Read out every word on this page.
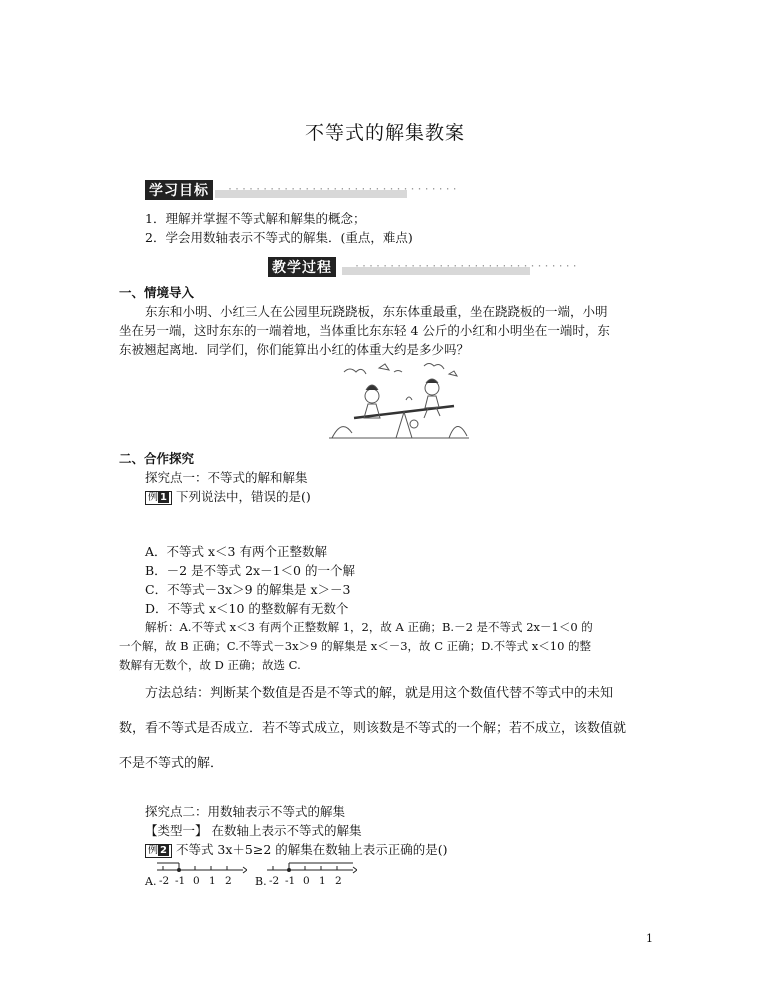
不等式的解集教案
·································
学习目标
1．理解并掌握不等式解和解集的概念；
2．学会用数轴表示不等式的解集．(重点，难点)
································
教学过程
一、情境导入
东东和小明、小红三人在公园里玩跷跷板，东东体重最重，坐在跷跷板的一端，小明
坐在另一端，这时东东的一端着地，当体重比东东轻 4 公斤的小红和小明坐在一端时，东
东被翘起离地．同学们，你们能算出小红的体重大约是多少吗？
二、合作探究
探究点一：不等式的解和解集
例 1 下列说法中，错误的是()
A．不等式 x＜3 有两个正整数解
B．－2 是不等式 2x－1＜0 的一个解
C．不等式－3x＞9 的解集是 x＞－3
D．不等式 x＜10 的整数解有无数个
解析：A.不等式 x＜3 有两个正整数解 1，2，故 A 正确；B.－2 是不等式 2x－1＜0 的
一个解，故 B 正确；C.不等式－3x＞9 的解集是 x＜－3，故 C 正确；D.不等式 x＜10 的整
数解有无数个，故 D 正确；故选 C.
方法总结：判断某个数值是否是不等式的解，就是用这个数值代替不等式中的未知
数，看不等式是否成立．若不等式成立，则该数是不等式的一个解；若不成立，该数值就
不是不等式的解．
探究点二：用数轴表示不等式的解集
【类型一】 在数轴上表示不等式的解集
例 2 不等式 3x＋5≥2 的解集在数轴上表示正确的是()
A. -2 -1 0 1 2 B. -2 -1 0 1 2
1
